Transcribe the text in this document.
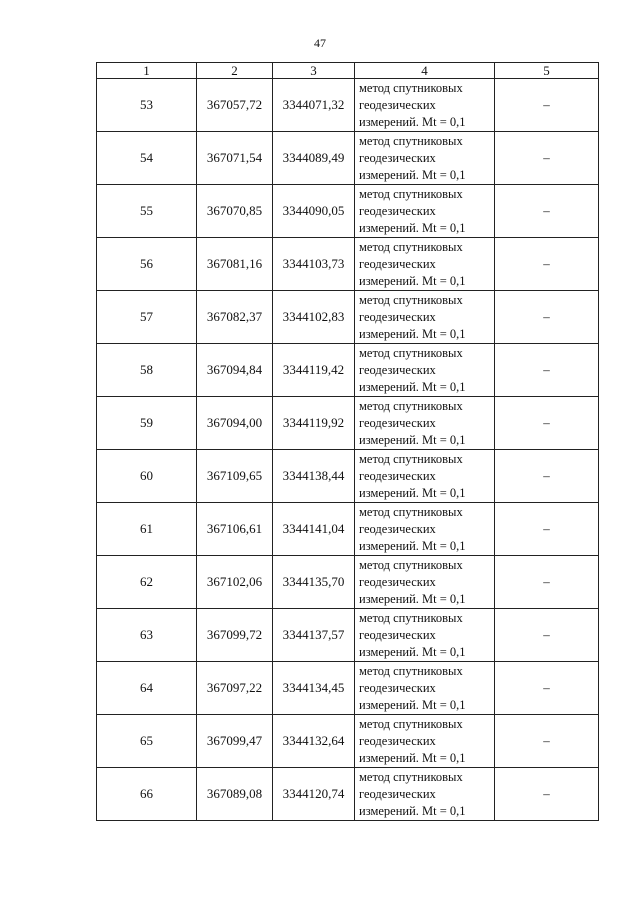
47
1	2	3	4	5
53	367057,72	3344071,32	метод спутниковых
геодезических
измерений. Mt = 0,1	–
54	367071,54	3344089,49	метод спутниковых
геодезических
измерений. Mt = 0,1	–
55	367070,85	3344090,05	метод спутниковых
геодезических
измерений. Mt = 0,1	–
56	367081,16	3344103,73	метод спутниковых
геодезических
измерений. Mt = 0,1	–
57	367082,37	3344102,83	метод спутниковых
геодезических
измерений. Mt = 0,1	–
58	367094,84	3344119,42	метод спутниковых
геодезических
измерений. Mt = 0,1	–
59	367094,00	3344119,92	метод спутниковых
геодезических
измерений. Mt = 0,1	–
60	367109,65	3344138,44	метод спутниковых
геодезических
измерений. Mt = 0,1	–
61	367106,61	3344141,04	метод спутниковых
геодезических
измерений. Mt = 0,1	–
62	367102,06	3344135,70	метод спутниковых
геодезических
измерений. Mt = 0,1	–
63	367099,72	3344137,57	метод спутниковых
геодезических
измерений. Mt = 0,1	–
64	367097,22	3344134,45	метод спутниковых
геодезических
измерений. Mt = 0,1	–
65	367099,47	3344132,64	метод спутниковых
геодезических
измерений. Mt = 0,1	–
66	367089,08	3344120,74	метод спутниковых
геодезических
измерений. Mt = 0,1	–
